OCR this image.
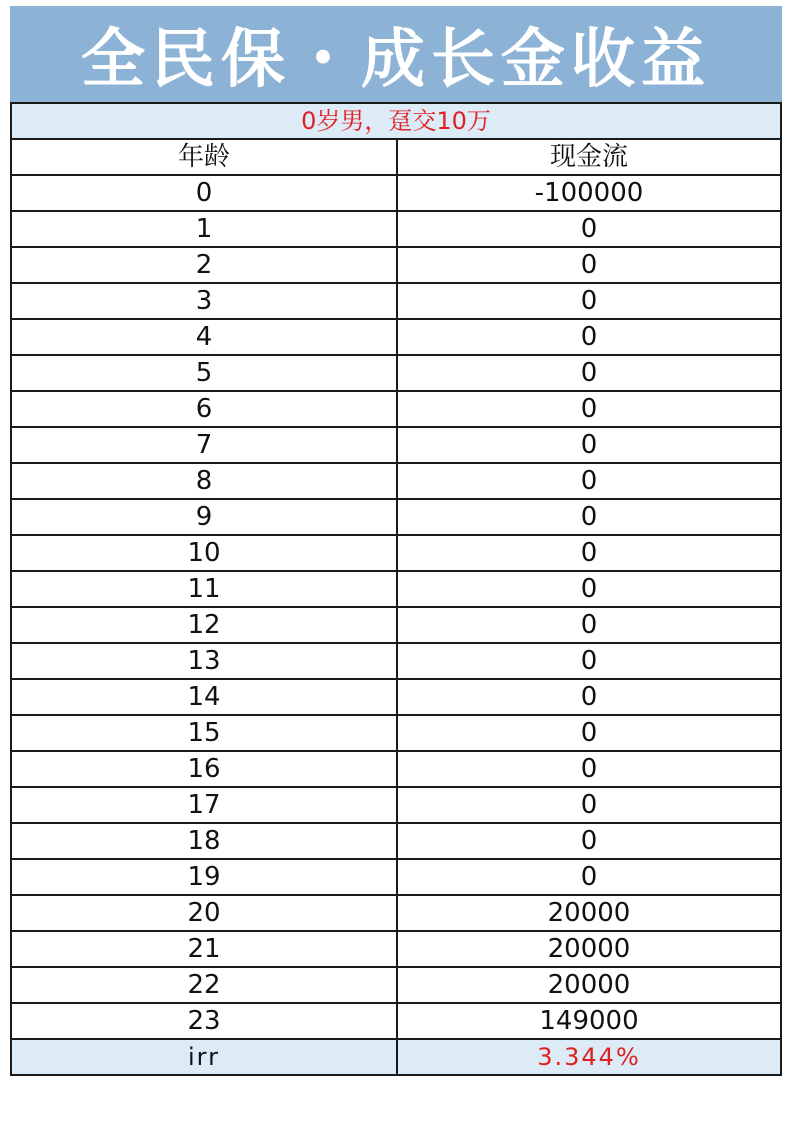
全民保・成长金收益
0岁男，趸交10万	
年龄	现金流
0	-100000
1	0
2	0
3	0
4	0
5	0
6	0
7	0
8	0
9	0
10	0
11	0
12	0
13	0
14	0
15	0
16	0
17	0
18	0
19	0
20	20000
21	20000
22	20000
23	149000
irr	3.344%
